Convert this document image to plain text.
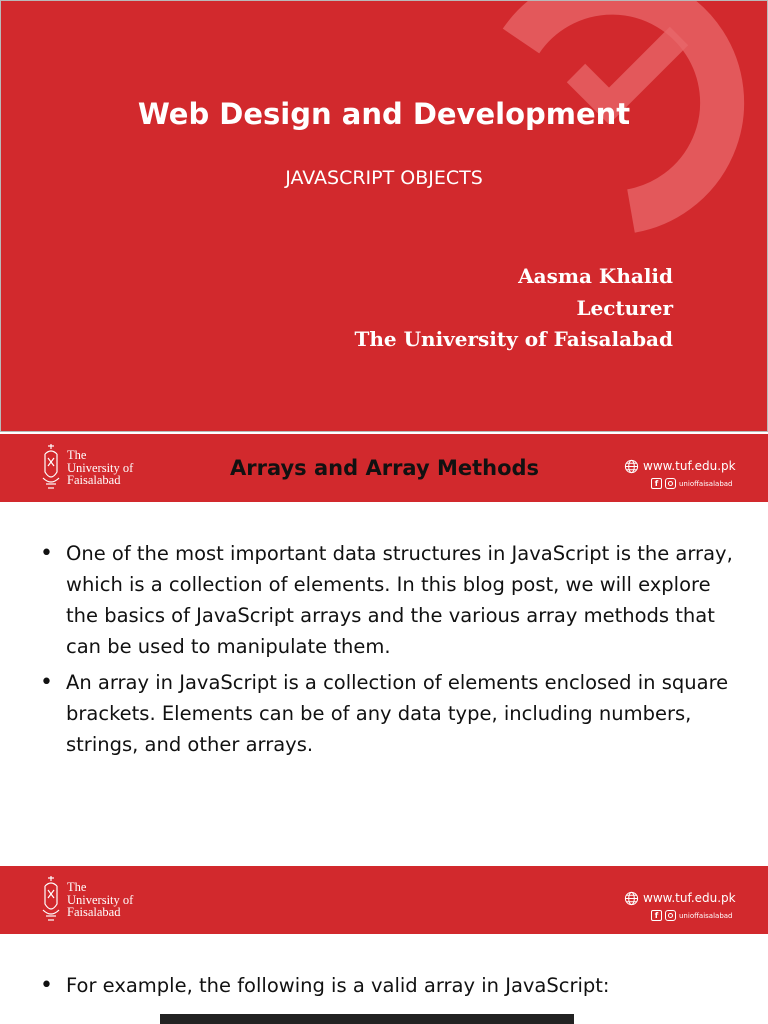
Web Design and Development
JAVASCRIPT OBJECTS
Aasma Khalid
Lecturer
The University of Faisalabad
The
University of
Faisalabad	Arrays and Array Methods	www.tuf.edu.pk
f	unioffaisalabad
• One of the most important data structures in JavaScript is the array, which is a collection of elements. In this blog post, we will explore the basics of JavaScript arrays and the various array methods that can be used to manipulate them.
• An array in JavaScript is a collection of elements enclosed in square brackets. Elements can be of any data type, including numbers, strings, and other arrays.
The
University of
Faisalabad
www.tuf.edu.pk
f	unioffaisalabad
• For example, the following is a valid array in JavaScript:
